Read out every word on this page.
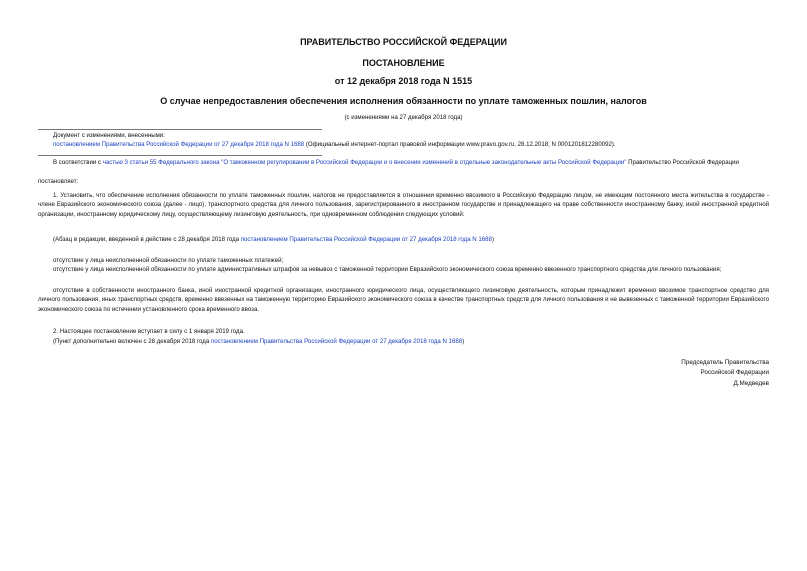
ПРАВИТЕЛЬСТВО РОССИЙСКОЙ ФЕДЕРАЦИИ
ПОСТАНОВЛЕНИЕ
от 12 декабря 2018 года N 1515
О случае непредоставления обеспечения исполнения обязанности по уплате таможенных пошлин, налогов
(с изменениями на 27 декабря 2018 года)
Документ с изменениями, внесенными:
постановлением Правительства Российской Федерации от 27 декабря 2018 года N 1688 (Официальный интернет-портал правовой информации www.pravo.gov.ru, 28.12.2018, N 0001201812280092).
В соответствии с частью 3 статьи 55 Федерального закона "О таможенном регулировании в Российской Федерации и о внесении изменений в отдельные законодательные акты Российской Федерации" Правительство Российской Федерации
постановляет:
1. Установить, что обеспечение исполнения обязанности по уплате таможенных пошлин, налогов не предоставляется в отношении временно ввозимого в Российскую Федерацию лицом, не имеющим постоянного места жительства в государстве - члене Евразийского экономического союза (далее - лицо), транспортного средства для личного пользования, зарегистрированного в иностранном государстве и принадлежащего на праве собственности иностранному банку, иной иностранной кредитной организации, иностранному юридическому лицу, осуществляющему лизинговую деятельность, при одновременном соблюдении следующих условий:
(Абзац в редакции, введенной в действие с 28 декабря 2018 года постановлением Правительства Российской Федерации от 27 декабря 2018 года N 1688)
отсутствие у лица неисполненной обязанности по уплате таможенных платежей;
отсутствие у лица неисполненной обязанности по уплате административных штрафов за невывоз с таможенной территории Евразийского экономического союза временно ввезенного транспортного средства для личного пользования;
отсутствие в собственности иностранного банка, иной иностранной кредитной организации, иностранного юридического лица, осуществляющего лизинговую деятельность, которым принадлежит временно ввозимое транспортное средство для личного пользования, иных транспортных средств, временно ввезенных на таможенную территорию Евразийского экономического союза в качестве транспортных средств для личного пользования и не вывезенных с таможенной территории Евразийского экономического союза по истечении установленного срока временного ввоза.
2. Настоящее постановление вступает в силу с 1 января 2019 года.
(Пункт дополнительно включен с 28 декабря 2018 года постановлением Правительства Российской Федерации от 27 декабря 2018 года N 1688)
Председатель Правительства
Российской Федерации
Д.Медведев
